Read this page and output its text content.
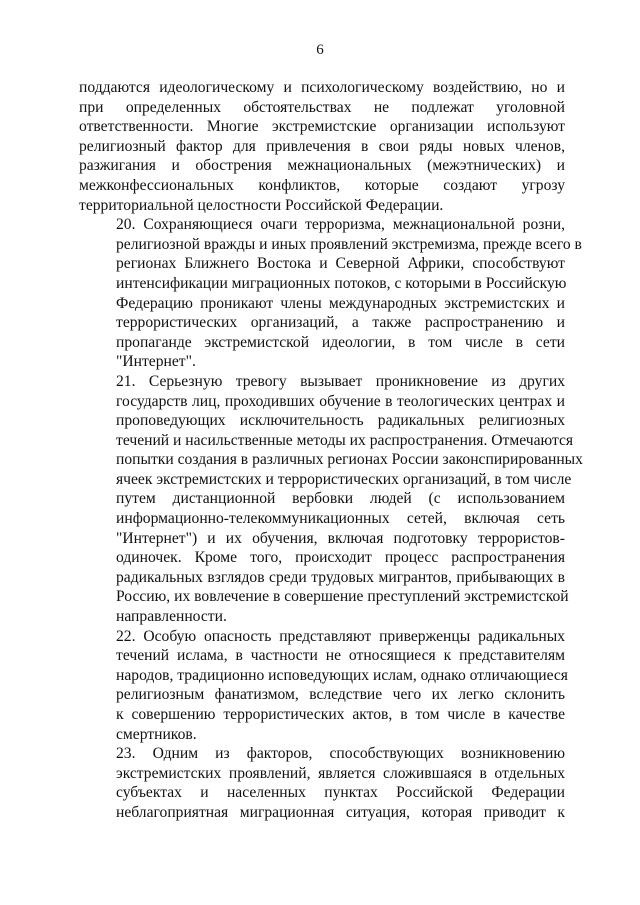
6

поддаются идеологическому и психологическому воздействию, но и
при определенных обстоятельствах не подлежат уголовной
ответственности. Многие экстремистские организации используют
религиозный фактор для привлечения в свои ряды новых членов,
разжигания и обострения межнациональных (межэтнических) и
межконфессиональных конфликтов, которые создают угрозу
территориальной целостности Российской Федерации.

20. Сохраняющиеся очаги терроризма, межнациональной розни,
религиозной вражды и иных проявлений экстремизма, прежде всего в
регионах Ближнего Востока и Северной Африки, способствуют
интенсификации миграционных потоков, с которыми в Российскую
Федерацию проникают члены международных экстремистских и
террористических организаций, а также распространению и
пропаганде экстремистской идеологии, в том числе в сети
"Интернет".

21. Серьезную тревогу вызывает проникновение из других
государств лиц, проходивших обучение в теологических центрах и
проповедующих исключительность радикальных религиозных
течений и насильственные методы их распространения. Отмечаются
попытки создания в различных регионах России законспирированных
ячеек экстремистских и террористических организаций, в том числе
путем дистанционной вербовки людей (с использованием
информационно-телекоммуникационных сетей, включая сеть
"Интернет") и их обучения, включая подготовку террористов-
одиночек. Кроме того, происходит процесс распространения
радикальных взглядов среди трудовых мигрантов, прибывающих в
Россию, их вовлечение в совершение преступлений экстремистской
направленности.

22. Особую опасность представляют приверженцы радикальных
течений ислама, в частности не относящиеся к представителям
народов, традиционно исповедующих ислам, однако отличающиеся
религиозным фанатизмом, вследствие чего их легко склонить
к совершению террористических актов, в том числе в качестве
смертников.

23. Одним из факторов, способствующих возникновению
экстремистских проявлений, является сложившаяся в отдельных
субъектах и населенных пунктах Российской Федерации
неблагоприятная миграционная ситуация, которая приводит к
